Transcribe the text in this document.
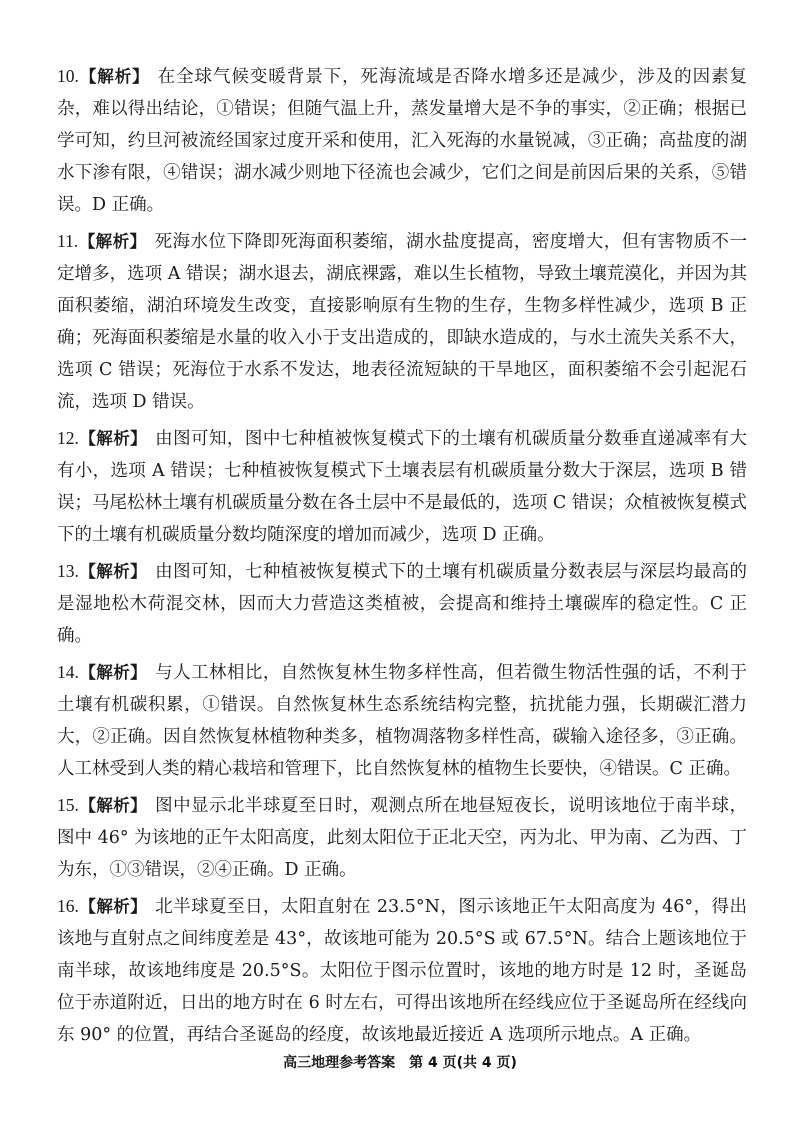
10.【解析】 在全球气候变暖背景下，死海流域是否降水增多还是减少，涉及的因素复杂，难以得出结论，①错误；但随气温上升，蒸发量增大是不争的事实，②正确；根据已学可知，约旦河被流经国家过度开采和使用，汇入死海的水量锐减，③正确；高盐度的湖水下渗有限，④错误；湖水减少则地下径流也会减少，它们之间是前因后果的关系，⑤错误。D 正确。

11.【解析】 死海水位下降即死海面积萎缩，湖水盐度提高，密度增大，但有害物质不一定增多，选项 A 错误；湖水退去，湖底裸露，难以生长植物，导致土壤荒漠化，并因为其面积萎缩，湖泊环境发生改变，直接影响原有生物的生存，生物多样性减少，选项 B 正确；死海面积萎缩是水量的收入小于支出造成的，即缺水造成的，与水土流失关系不大，选项 C 错误；死海位于水系不发达，地表径流短缺的干旱地区，面积萎缩不会引起泥石流，选项 D 错误。

12.【解析】 由图可知，图中七种植被恢复模式下的土壤有机碳质量分数垂直递减率有大有小，选项 A 错误；七种植被恢复模式下土壤表层有机碳质量分数大于深层，选项 B 错误；马尾松林土壤有机碳质量分数在各土层中不是最低的，选项 C 错误；众植被恢复模式下的土壤有机碳质量分数均随深度的增加而减少，选项 D 正确。

13.【解析】 由图可知，七种植被恢复模式下的土壤有机碳质量分数表层与深层均最高的是湿地松木荷混交林，因而大力营造这类植被，会提高和维持土壤碳库的稳定性。C 正确。

14.【解析】 与人工林相比，自然恢复林生物多样性高，但若微生物活性强的话，不利于土壤有机碳积累，①错误。自然恢复林生态系统结构完整，抗扰能力强，长期碳汇潜力大，②正确。因自然恢复林植物种类多，植物凋落物多样性高，碳输入途径多，③正确。人工林受到人类的精心栽培和管理下，比自然恢复林的植物生长要快，④错误。C 正确。

15.【解析】 图中显示北半球夏至日时，观测点所在地昼短夜长，说明该地位于南半球，图中 46° 为该地的正午太阳高度，此刻太阳位于正北天空，丙为北、甲为南、乙为西、丁为东，①③错误，②④正确。D 正确。

16.【解析】 北半球夏至日，太阳直射在 23.5°N，图示该地正午太阳高度为 46°，得出该地与直射点之间纬度差是 43°，故该地可能为 20.5°S 或 67.5°N。结合上题该地位于南半球，故该地纬度是 20.5°S。太阳位于图示位置时，该地的地方时是 12 时，圣诞岛位于赤道附近，日出的地方时在 6 时左右，可得出该地所在经线应位于圣诞岛所在经线向东 90° 的位置，再结合圣诞岛的经度，故该地最近接近 A 选项所示地点。A 正确。

高三地理参考答案 第 4 页(共 4 页)
